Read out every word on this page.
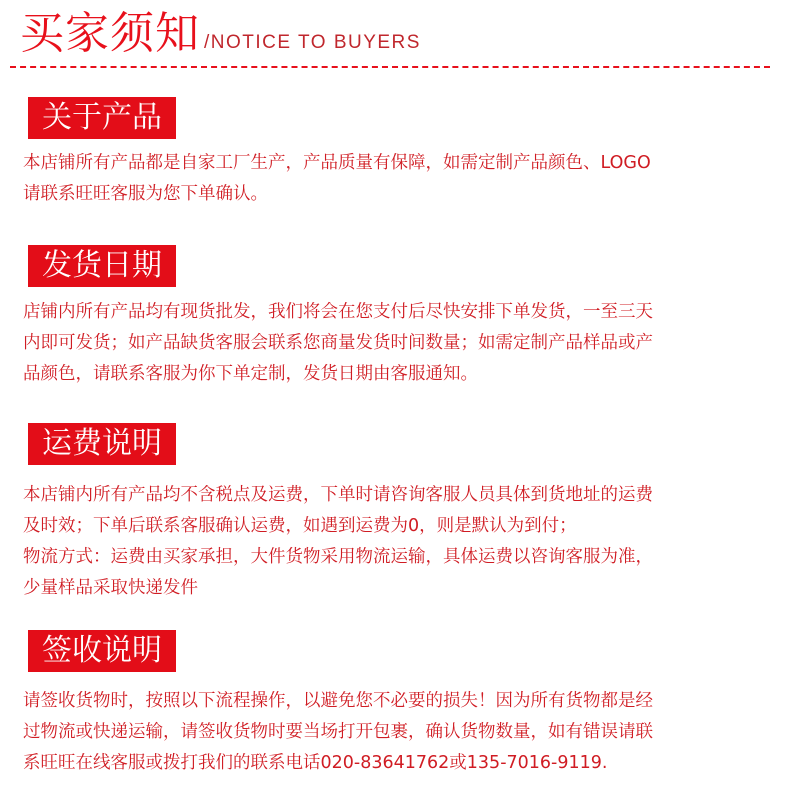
买家须知 /NOTICE TO BUYERS
关于产品
本店铺所有产品都是自家工厂生产，产品质量有保障，如需定制产品颜色、LOGO
请联系旺旺客服为您下单确认。
发货日期
店铺内所有产品均有现货批发，我们将会在您支付后尽快安排下单发货，一至三天
内即可发货；如产品缺货客服会联系您商量发货时间数量；如需定制产品样品或产
品颜色，请联系客服为你下单定制，发货日期由客服通知。
运费说明
本店铺内所有产品均不含税点及运费，下单时请咨询客服人员具体到货地址的运费
及时效；下单后联系客服确认运费，如遇到运费为0，则是默认为到付；
物流方式：运费由买家承担，大件货物采用物流运输，具体运费以咨询客服为准，
少量样品采取快递发件
签收说明
请签收货物时，按照以下流程操作，以避免您不必要的损失！因为所有货物都是经
过物流或快递运输，请签收货物时要当场打开包裹，确认货物数量，如有错误请联
系旺旺在线客服或拨打我们的联系电话020-83641762或135-7016-9119.
